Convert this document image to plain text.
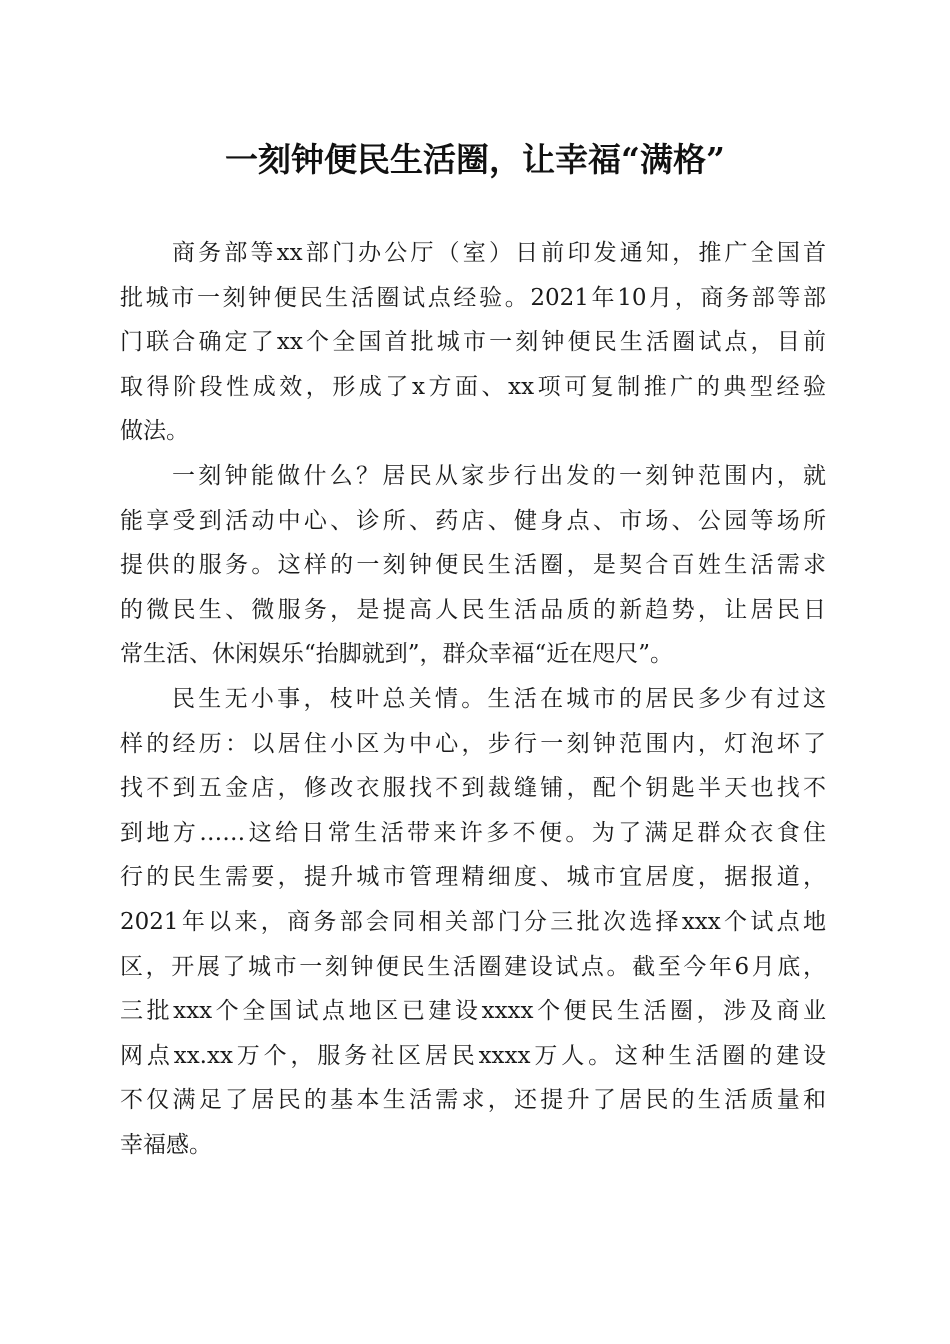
一刻钟便民生活圈，让幸福“满格”
商务部等xx部门办公厅（室）日前印发通知，推广全国首
批城市一刻钟便民生活圈试点经验。2021年10月，商务部等部
门联合确定了xx个全国首批城市一刻钟便民生活圈试点，目前
取得阶段性成效，形成了x方面、xx项可复制推广的典型经验
做法。
一刻钟能做什么？居民从家步行出发的一刻钟范围内，就
能享受到活动中心、诊所、药店、健身点、市场、公园等场所
提供的服务。这样的一刻钟便民生活圈，是契合百姓生活需求
的微民生、微服务，是提高人民生活品质的新趋势，让居民日
常生活、休闲娱乐“抬脚就到”，群众幸福“近在咫尺”。
民生无小事，枝叶总关情。生活在城市的居民多少有过这
样的经历：以居住小区为中心，步行一刻钟范围内，灯泡坏了
找不到五金店，修改衣服找不到裁缝铺，配个钥匙半天也找不
到地方……这给日常生活带来许多不便。为了满足群众衣食住
行的民生需要，提升城市管理精细度、城市宜居度，据报道，
2021年以来，商务部会同相关部门分三批次选择xxx个试点地
区，开展了城市一刻钟便民生活圈建设试点。截至今年6月底，
三批xxx个全国试点地区已建设xxxx个便民生活圈，涉及商业
网点xx.xx万个，服务社区居民xxxx万人。这种生活圈的建设
不仅满足了居民的基本生活需求，还提升了居民的生活质量和
幸福感。
